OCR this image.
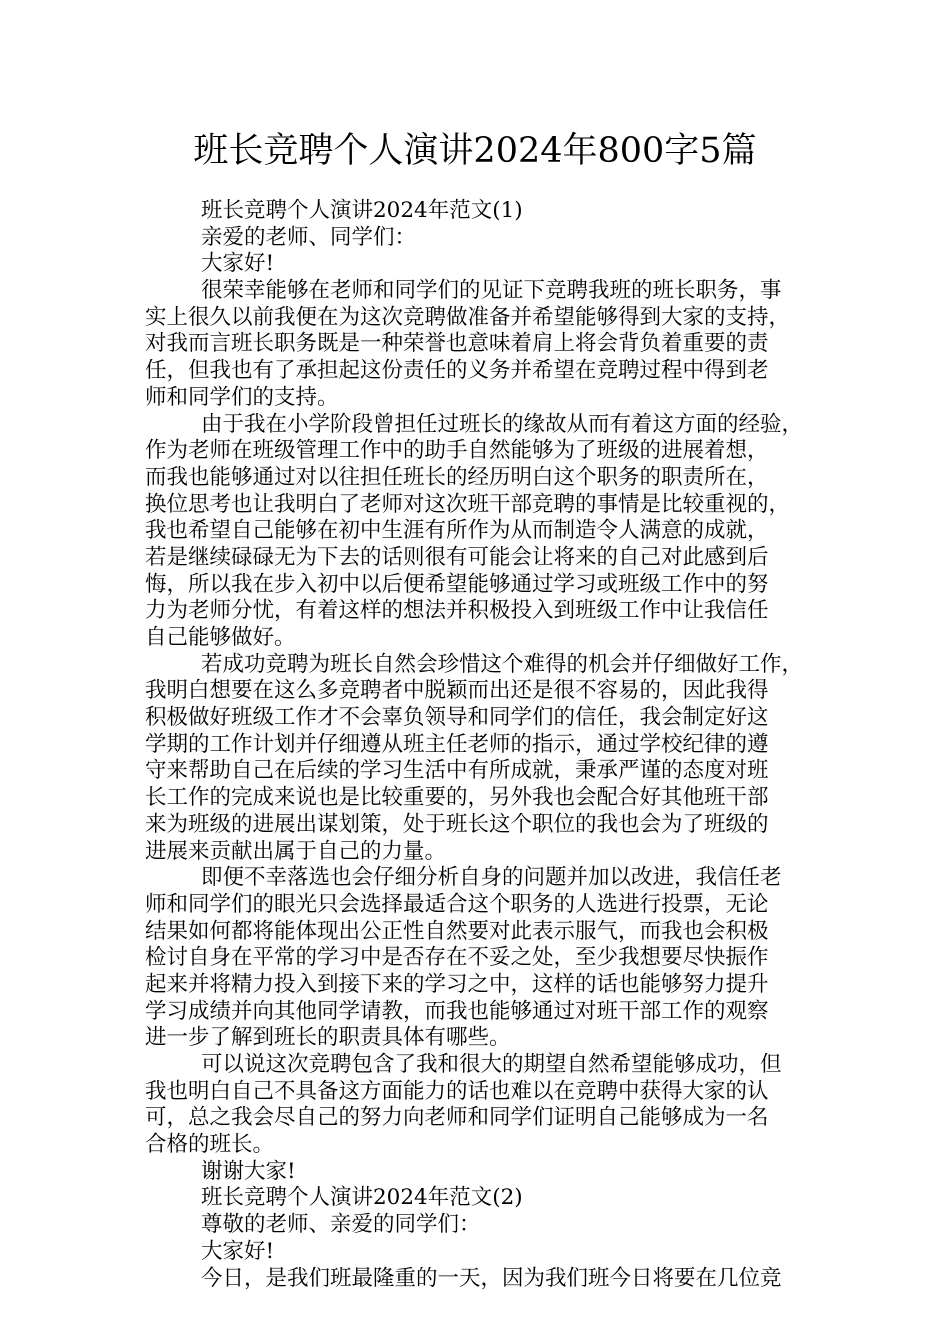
班长竞聘个人演讲2024年800字5篇
班长竞聘个人演讲2024年范文(1)
亲爱的老师、同学们：
大家好!
很荣幸能够在老师和同学们的见证下竞聘我班的班长职务，事
实上很久以前我便在为这次竞聘做准备并希望能够得到大家的支持，
对我而言班长职务既是一种荣誉也意味着肩上将会背负着重要的责
任，但我也有了承担起这份责任的义务并希望在竞聘过程中得到老
师和同学们的支持。
由于我在小学阶段曾担任过班长的缘故从而有着这方面的经验，
作为老师在班级管理工作中的助手自然能够为了班级的进展着想，
而我也能够通过对以往担任班长的经历明白这个职务的职责所在，
换位思考也让我明白了老师对这次班干部竞聘的事情是比较重视的，
我也希望自己能够在初中生涯有所作为从而制造令人满意的成就，
若是继续碌碌无为下去的话则很有可能会让将来的自己对此感到后
悔，所以我在步入初中以后便希望能够通过学习或班级工作中的努
力为老师分忧，有着这样的想法并积极投入到班级工作中让我信任
自己能够做好。
若成功竞聘为班长自然会珍惜这个难得的机会并仔细做好工作，
我明白想要在这么多竞聘者中脱颖而出还是很不容易的，因此我得
积极做好班级工作才不会辜负领导和同学们的信任，我会制定好这
学期的工作计划并仔细遵从班主任老师的指示，通过学校纪律的遵
守来帮助自己在后续的学习生活中有所成就，秉承严谨的态度对班
长工作的完成来说也是比较重要的，另外我也会配合好其他班干部
来为班级的进展出谋划策，处于班长这个职位的我也会为了班级的
进展来贡献出属于自己的力量。
即便不幸落选也会仔细分析自身的问题并加以改进，我信任老
师和同学们的眼光只会选择最适合这个职务的人选进行投票，无论
结果如何都将能体现出公正性自然要对此表示服气，而我也会积极
检讨自身在平常的学习中是否存在不妥之处，至少我想要尽快振作
起来并将精力投入到接下来的学习之中，这样的话也能够努力提升
学习成绩并向其他同学请教，而我也能够通过对班干部工作的观察
进一步了解到班长的职责具体有哪些。
可以说这次竞聘包含了我和很大的期望自然希望能够成功，但
我也明白自己不具备这方面能力的话也难以在竞聘中获得大家的认
可，总之我会尽自己的努力向老师和同学们证明自己能够成为一名
合格的班长。
谢谢大家!
班长竞聘个人演讲2024年范文(2)
尊敬的老师、亲爱的同学们：
大家好!
今日，是我们班最隆重的一天，因为我们班今日将要在几位竞
